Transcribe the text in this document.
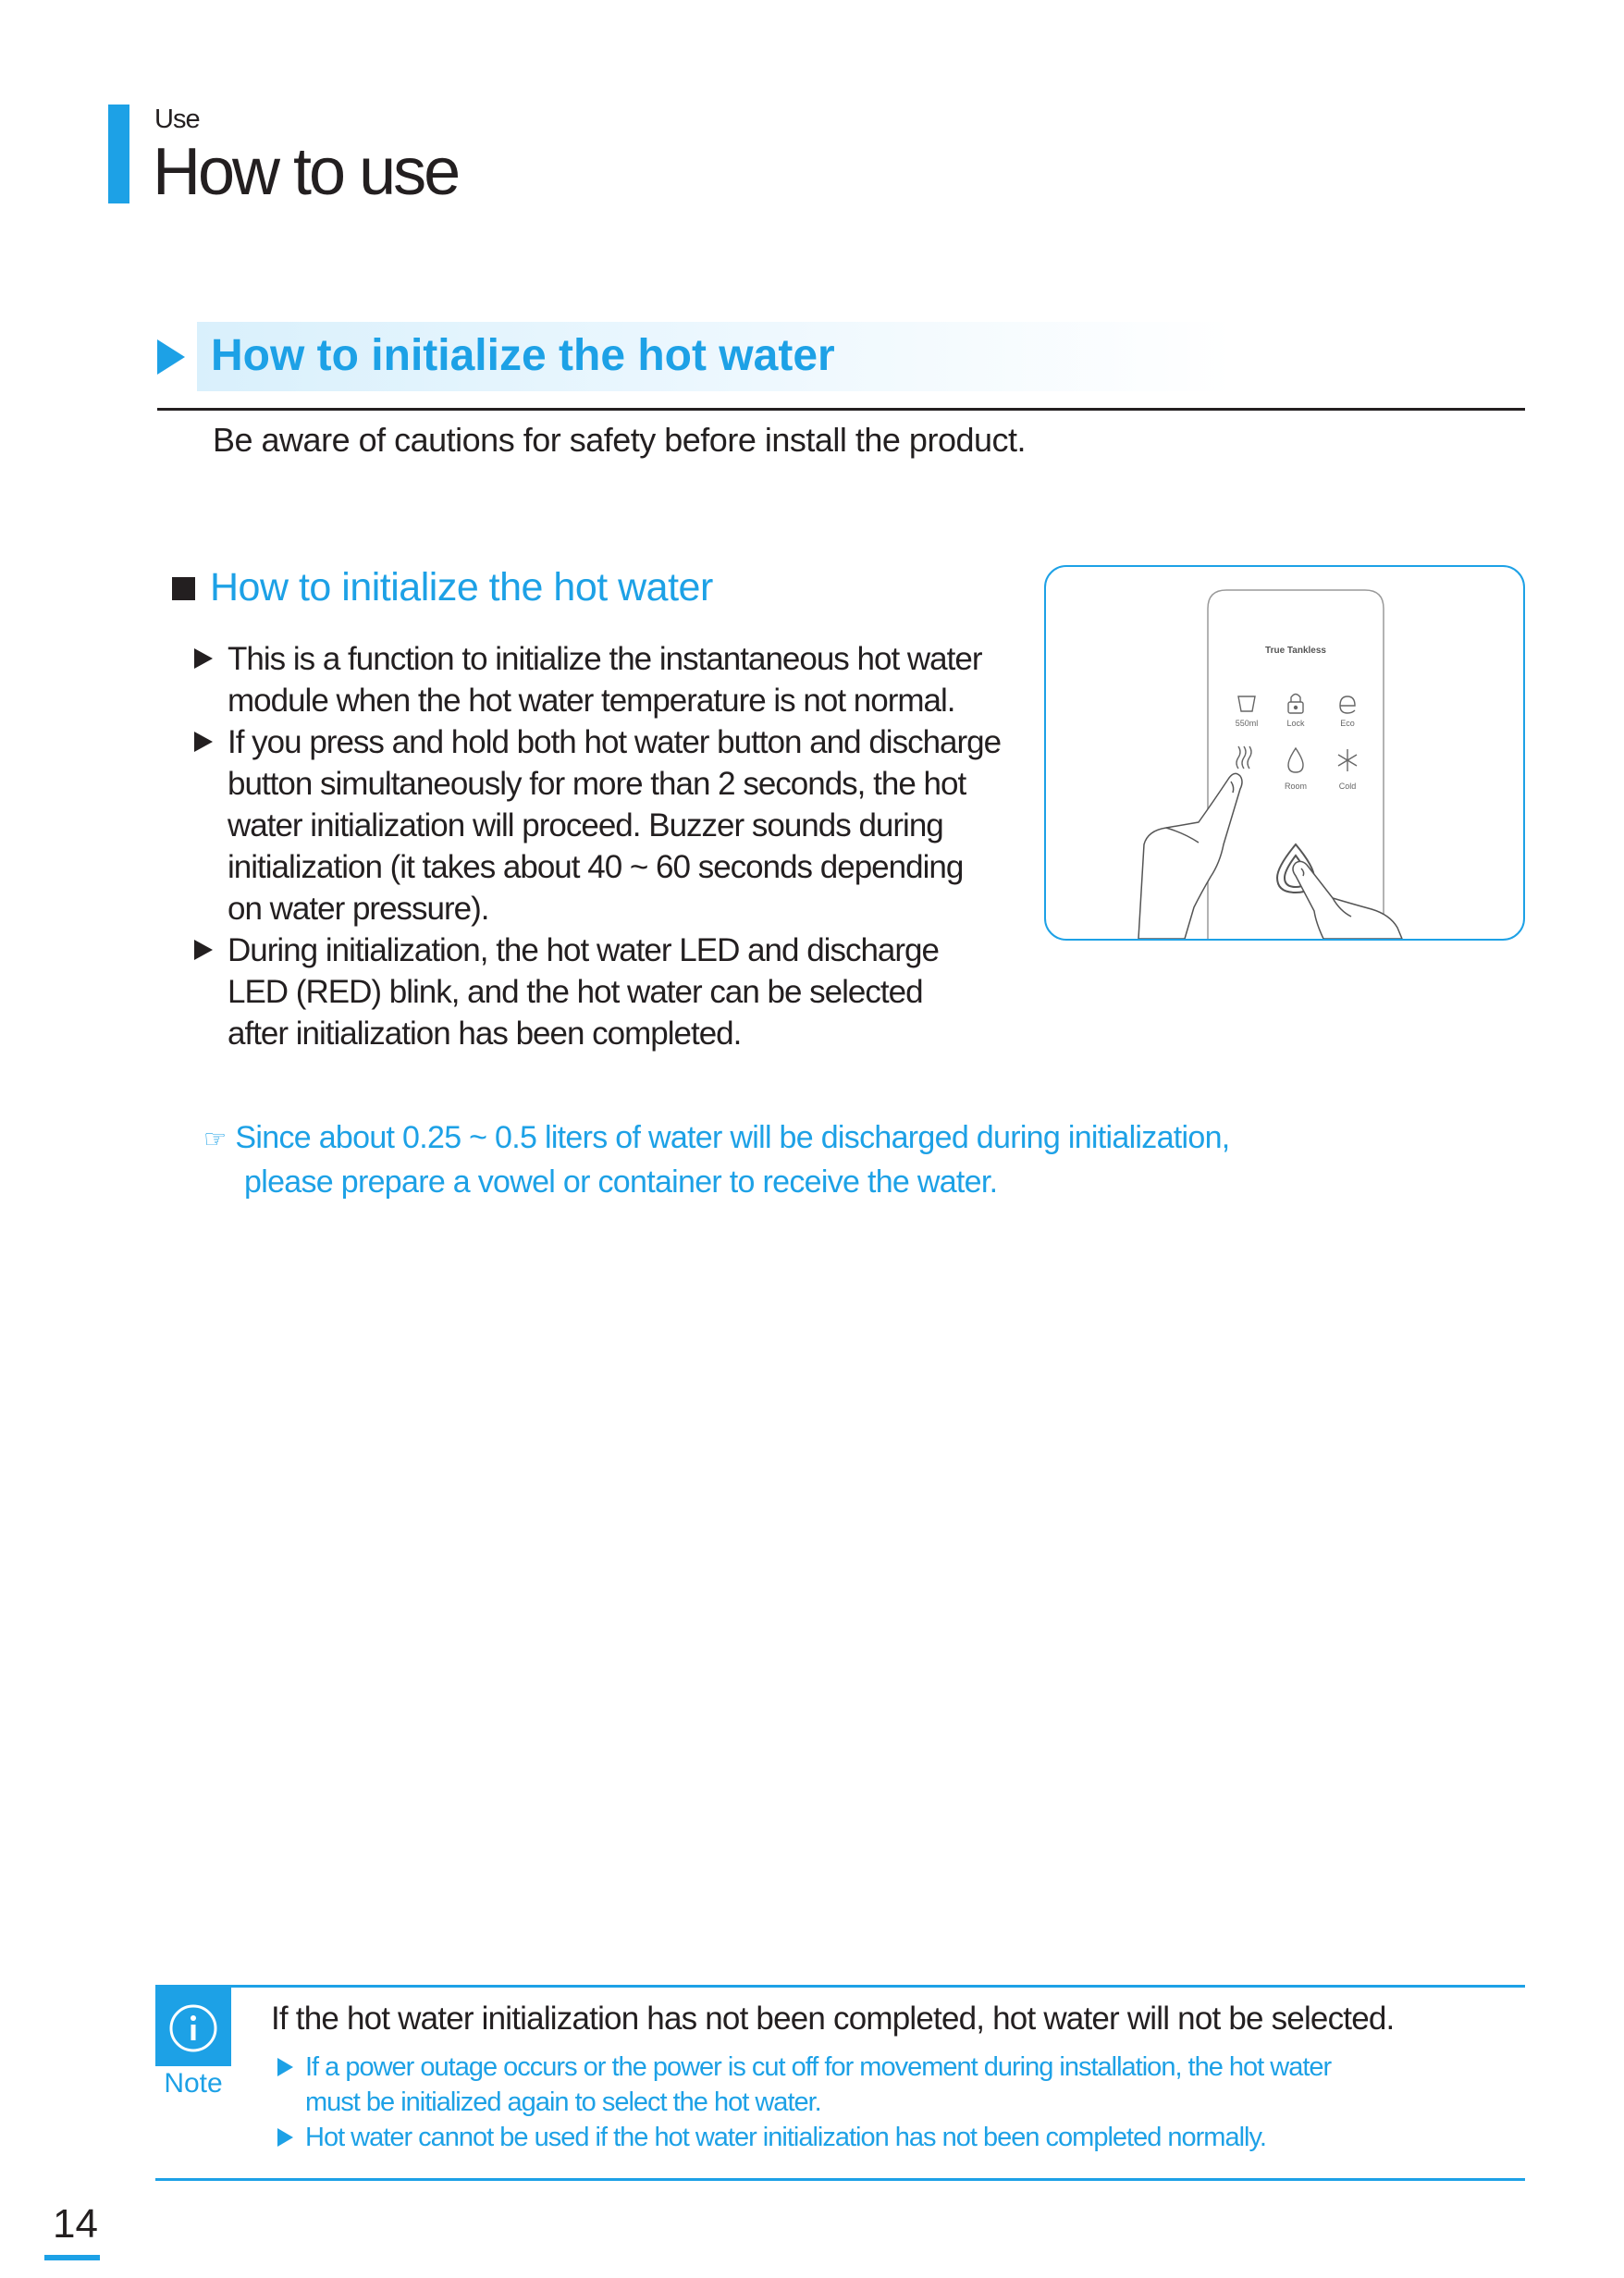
Use
How to use
How to initialize the hot water
Be aware of cautions for safety before install the product.
How to initialize the hot water
This is a function to initialize the instantaneous hot water
module when the hot water temperature is not normal.
If you press and hold both hot water button and discharge
button simultaneously for more than 2 seconds, the hot
water initialization will proceed. Buzzer sounds during
initialization (it takes about 40 ~ 60 seconds depending
on water pressure).
During initialization, the hot water LED and discharge
LED (RED) blink, and the hot water can be selected
after initialization has been completed.
☞ Since about 0.25 ~ 0.5 liters of water will be discharged during initialization,
please prepare a vowel or container to receive the water.
True Tankless
550ml	Lock	Eco
Room	Cold
Note
If the hot water initialization has not been completed, hot water will not be selected.
If a power outage occurs or the power is cut off for movement during installation, the hot water
must be initialized again to select the hot water.
Hot water cannot be used if the hot water initialization has not been completed normally.
14
